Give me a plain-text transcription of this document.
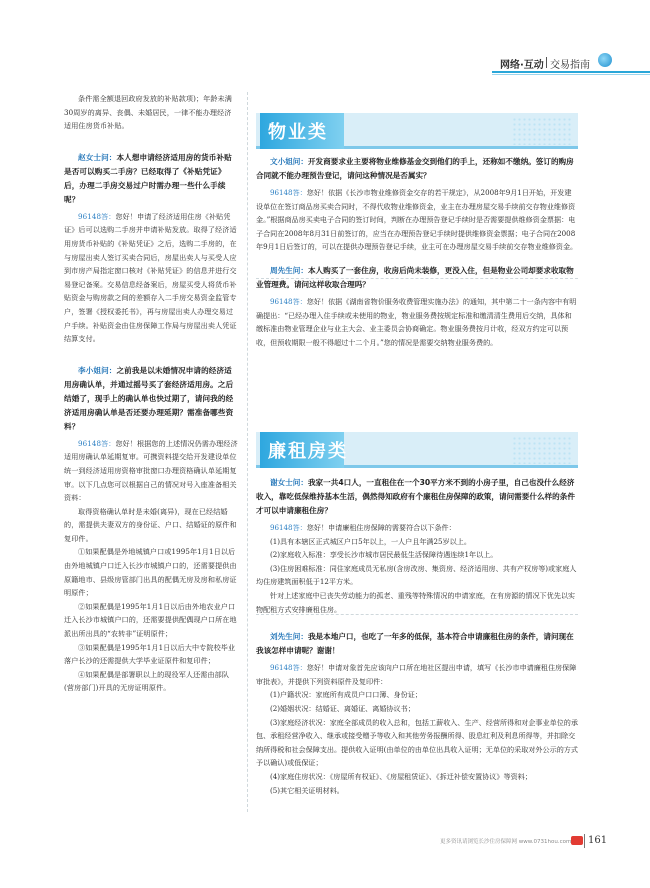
网络·互动 交易指南

条件需全额退回政府发放的补贴款项)；年龄未满30周岁的离异、丧偶、未婚居民，一律不能办理经济适用住房货币补贴。

赵女士问：本人想申请经济适用房的货币补贴是否可以购买二手房？已经取得了《补贴凭证》后，办理二手房交易过户时需办理一些什么手续呢？

96148答：您好！申请了经济适用住房《补贴凭证》后可以选购二手房并申请补贴发放。取得了经济适用房货币补贴的《补贴凭证》之后，选购二手房的，在与房屋出卖人签订买卖合同后，房屋出卖人与买受人应到市房产局指定窗口核对《补贴凭证》的信息并进行交易登记备案。交易信息经备案后，房屋买受人将货币补贴资金与购房款之间的差额存入二手房交易资金监管专户，签署《授权委托书》，再与房屋出卖人办理交易过户手续。补贴资金由住房保障工作局与房屋出卖人凭证结算支付。

李小姐问：之前我是以未婚情况申请的经济适用房确认单，并通过摇号买了套经济适用房。之后结婚了，现手上的确认单也快过期了，请问我的经济适用房确认单是否还要办理延期？需准备哪些资料？

96148答：您好！根据您的上述情况仍需办理经济适用房确认单延期复审。可携资料提交给开发建设单位统一到经济适用房资格审批窗口办理资格确认单延期复审。以下几点您可以根据自己的情况对号入座准备相关资料：

取得资格确认单时是未婚(离异)，现在已经结婚的，需提供夫妻双方的身份证、户口、结婚证的原件和复印件。

①如果配偶是外地城镇户口或1995年1月1日以后由外地城镇户口迁入长沙市城镇户口的，还需要提供由原籍地市、县级房管部门出具的配偶无房及房和私房证明原件；

②如果配偶是1995年1月1日以后由外地农业户口迁入长沙市城镇户口的，还需要提供配偶现户口所在地派出所出具的“农转非”证明原件；

③如果配偶是1995年1月1日以后大中专院校毕业落户长沙的还需提供大学毕业证原件和复印件；

④如果配偶是部署职以上的现役军人还需由部队(营房部门)开具的无房证明原件。

物业类

文小姐问：开发商要求业主要将物业维修基金交到他们的手上，还称如不缴纳。签订的购房合同就不能办理预告登记，请问这种情况是否属实？

96148答：您好！依据《长沙市物业维修资金交存的若干规定》，从2008年9月1日开始，开发建设单位在签订商品房买卖合同时，不得代收物业维修资金，业主在办理房屋交易手续前交存物业维修资金。”根据商品房买卖电子合同的签订时间，判断在办理预告登记手续时是否需要提供维修资金票据：电子合同在2008年8月31日前签订的，应当在办理预告登记手续时提供维修资金票据；电子合同在2008年9月1日后签订的，可以在提供办理预告登记手续，业主可在办理房屋交易手续前交存物业维修资金。

周先生问：本人购买了一套住房，收房后尚未装修，更没入住，但是物业公司却要求收取物业管理费。请问这样收取合理吗？

96148答：您好！依据《湖南省物价服务收费管理实施办法》的通知，其中第二十一条内容中有明确提出：“已经办理入住手续或未使用的物业，物业服务费按规定标准和缴清清生费用后交纳，具体和缴标准由物业管理企业与业主大会、业主委员会协商确定。物业服务费按月计收，经双方约定可以预收，但预收期限一般不得超过十二个月。”您的情况是需要交纳物业服务费的。

廉租房类

谢女士问：我家一共4口人，一直租住在一个30平方米不到的小房子里，自己也没什么经济收入，靠吃低保维持基本生活，偶然得知政府有个廉租住房保障的政策，请问需要什么样的条件才可以申请廉租住房？

96148答：您好！申请廉租住房保障的需要符合以下条件：

(1)具有本辖区正式城区户口5年以上，一人户且年满25岁以上。

(2)家庭收入标准：享受长沙市城市居民最低生活保障待遇连续1年以上。

(3)住房困难标准：同住家庭成员无私房(含房改房、集资房、经济适用房、共有产权房等)或家庭人均住房建筑面积低于12平方米。

针对上述家庭中已丧失劳动能力的孤老、重残等特殊情况的申请家庭，在有房源的情况下优先以实物配租方式安排廉租住房。

刘先生问：我是本地户口，也吃了一年多的低保，基本符合申请廉租住房的条件，请问现在我该怎样申请呢？谢谢！

96148答：您好！申请对象首先应该向户口所在地社区提出申请，填写《长沙市申请廉租住房保障审批表》，并提供下列资料原件及复印件：

(1)户籍状况：家庭所有成员户口口簿、身份证；

(2)婚姻状况：结婚证、离婚证、离婚协议书；

(3)家庭经济状况：家庭全部成员的收入总和，包括工薪收入、生产、经营所得和对企事业单位的承包、承租经营净收入、继承或接受赠予等收入和其他劳务报酬所得、股息红利及利息所得等，并扣除交纳所得税和社会保障支出。提供收入证明(由单位的由单位出具收入证明；无单位的采取对外公示的方式予以确认)或低保证；

(4)家庭住房状况：《房屋所有权证》、《房屋租赁证》、《拆迁补偿安置协议》等资料；

(5)其它相关证明材料。

更多资讯请浏览长沙住房保障网 www.0731hou.com 161
